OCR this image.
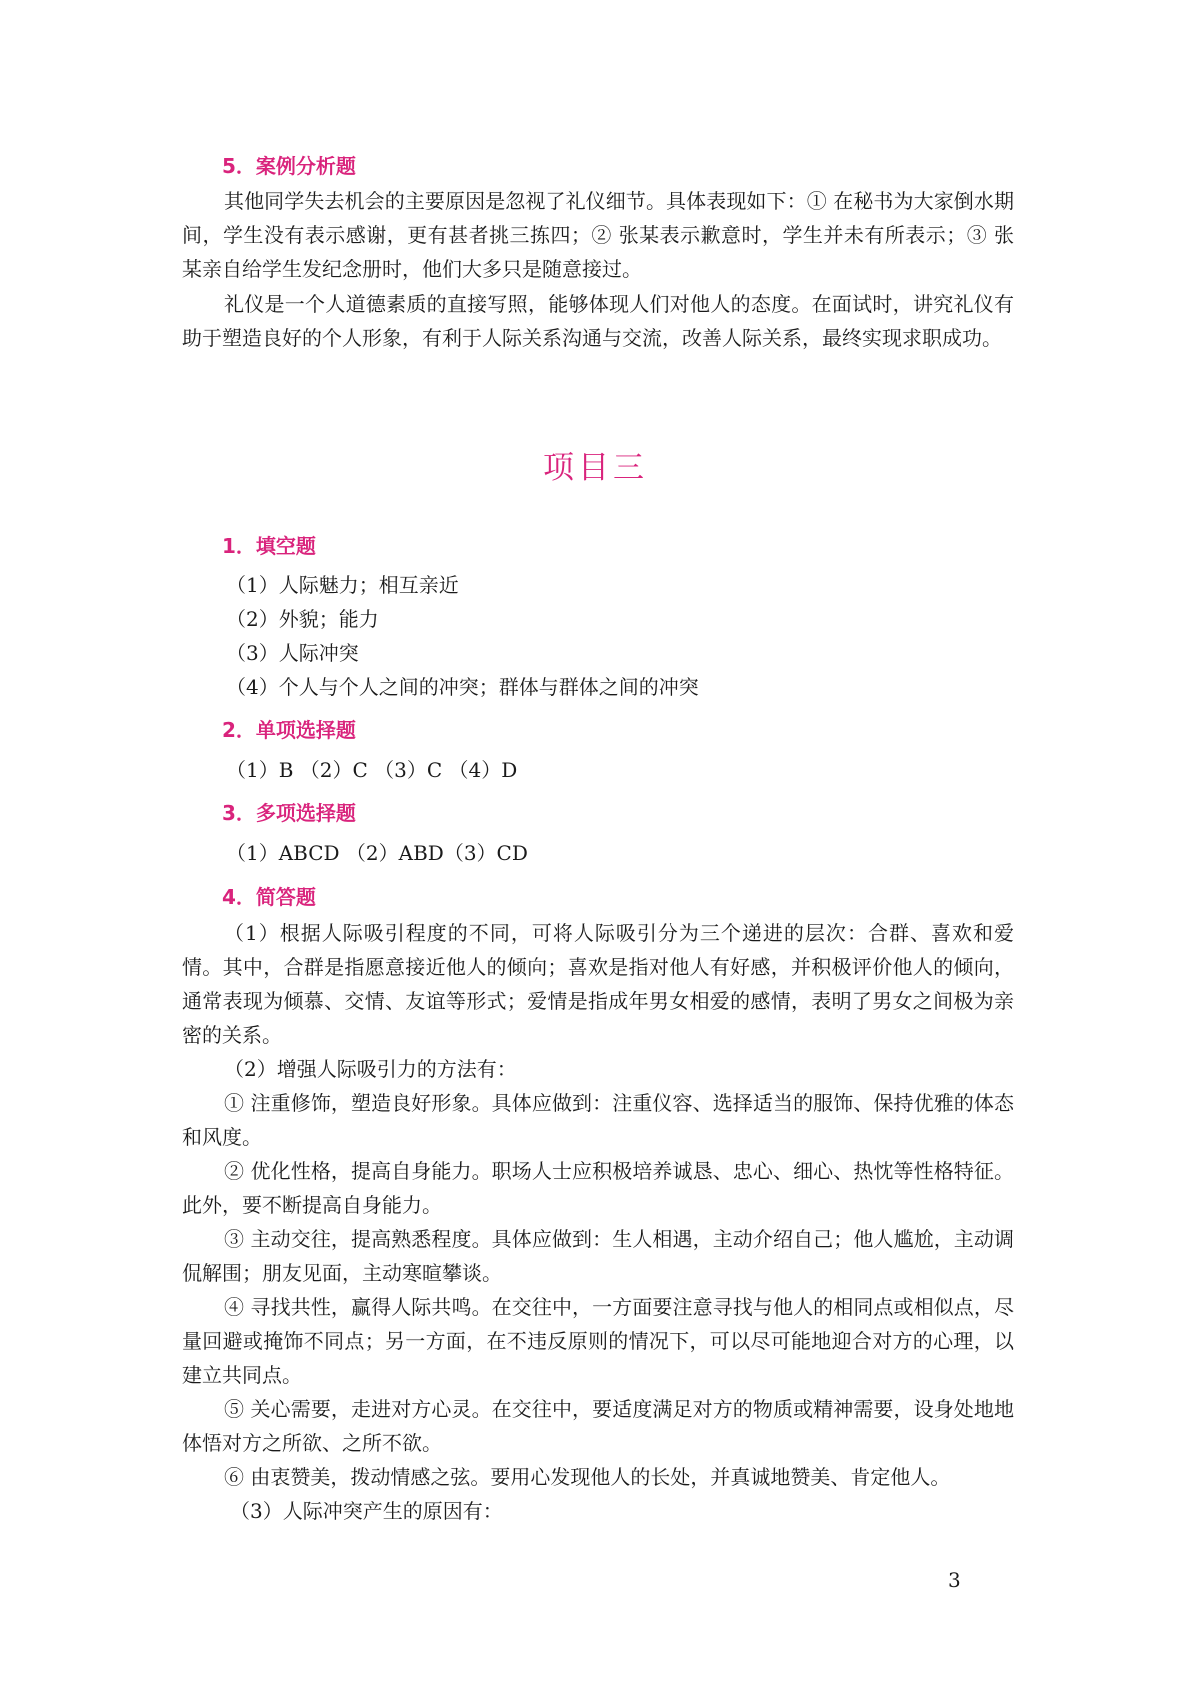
5．案例分析题

其他同学失去机会的主要原因是忽视了礼仪细节。具体表现如下：① 在秘书为大家倒水期间，学生没有表示感谢，更有甚者挑三拣四；② 张某表示歉意时，学生并未有所表示；③ 张某亲自给学生发纪念册时，他们大多只是随意接过。

礼仪是一个人道德素质的直接写照，能够体现人们对他人的态度。在面试时，讲究礼仪有助于塑造良好的个人形象，有利于人际关系沟通与交流，改善人际关系，最终实现求职成功。

项目三
1．填空题

（1）人际魅力；相互亲近

（2）外貌；能力

（3）人际冲突

（4）个人与个人之间的冲突；群体与群体之间的冲突

2．单项选择题

（1）B （2）C （3）C （4）D

3．多项选择题

（1）ABCD （2）ABD（3）CD

4．简答题

（1）根据人际吸引程度的不同，可将人际吸引分为三个递进的层次：合群、喜欢和爱情。其中，合群是指愿意接近他人的倾向；喜欢是指对他人有好感，并积极评价他人的倾向，通常表现为倾慕、交情、友谊等形式；爱情是指成年男女相爱的感情，表明了男女之间极为亲密的关系。

（2）增强人际吸引力的方法有：

① 注重修饰，塑造良好形象。具体应做到：注重仪容、选择适当的服饰、保持优雅的体态和风度。

② 优化性格，提高自身能力。职场人士应积极培养诚恳、忠心、细心、热忱等性格特征。此外，要不断提高自身能力。

③ 主动交往，提高熟悉程度。具体应做到：生人相遇，主动介绍自己；他人尴尬，主动调侃解围；朋友见面，主动寒暄攀谈。

④ 寻找共性，赢得人际共鸣。在交往中，一方面要注意寻找与他人的相同点或相似点，尽量回避或掩饰不同点；另一方面，在不违反原则的情况下，可以尽可能地迎合对方的心理，以建立共同点。

⑤ 关心需要，走进对方心灵。在交往中，要适度满足对方的物质或精神需要，设身处地地体悟对方之所欲、之所不欲。

⑥ 由衷赞美，拨动情感之弦。要用心发现他人的长处，并真诚地赞美、肯定他人。

（3）人际冲突产生的原因有：

3
